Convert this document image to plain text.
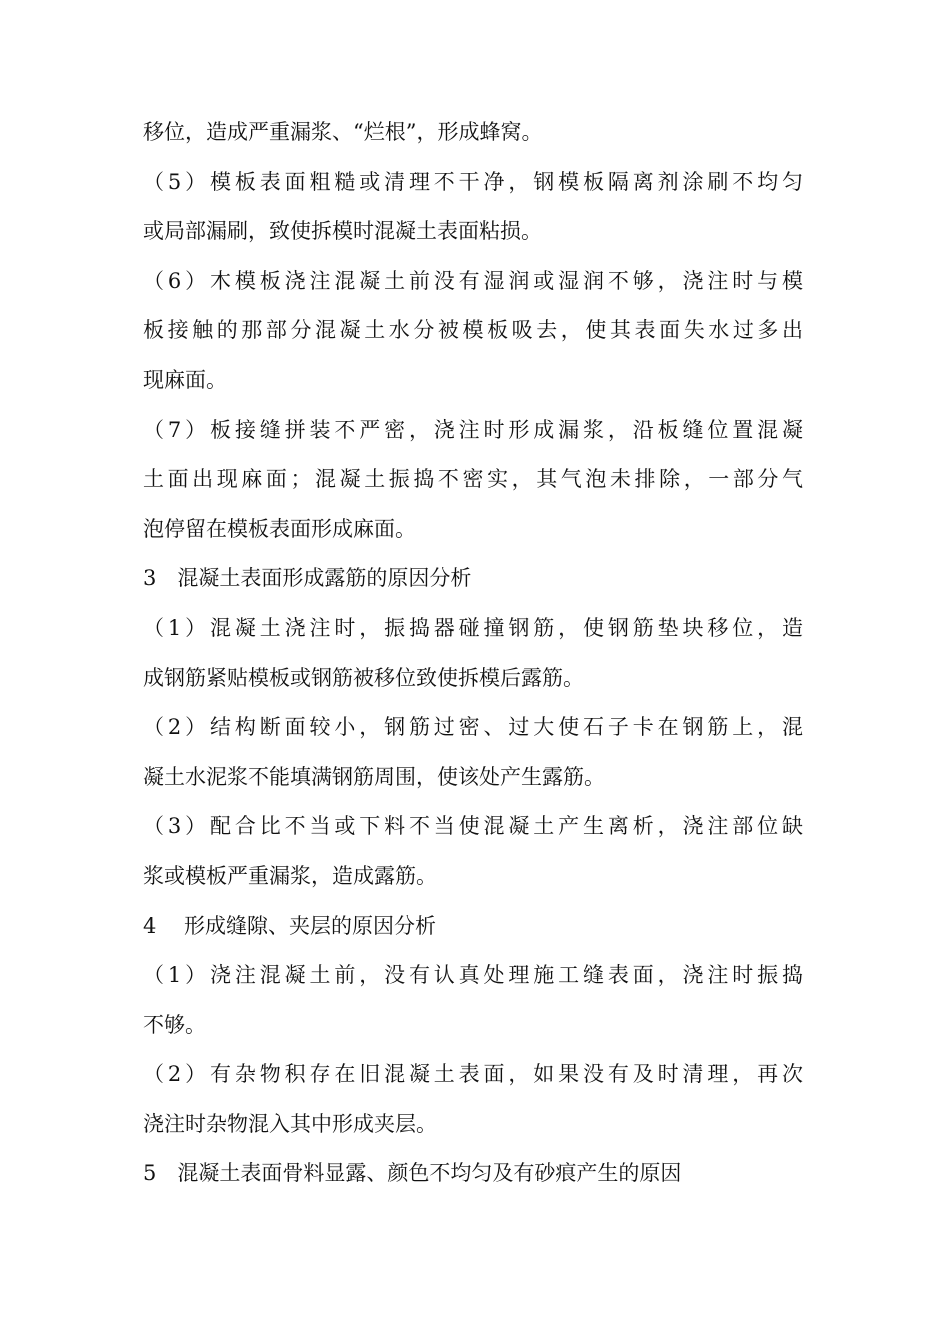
移位，造成严重漏浆、“烂根”，形成蜂窝。
（5）模板表面粗糙或清理不干净，钢模板隔离剂涂刷不均匀
或局部漏刷，致使拆模时混凝土表面粘损。
（6）木模板浇注混凝土前没有湿润或湿润不够，浇注时与模
板接触的那部分混凝土水分被模板吸去，使其表面失水过多出
现麻面。
（7）板接缝拼装不严密，浇注时形成漏浆，沿板缝位置混凝
土面出现麻面；混凝土振捣不密实，其气泡未排除，一部分气
泡停留在模板表面形成麻面。
3　混凝土表面形成露筋的原因分析
（1）混凝土浇注时，振捣器碰撞钢筋，使钢筋垫块移位，造
成钢筋紧贴模板或钢筋被移位致使拆模后露筋。
（2）结构断面较小，钢筋过密、过大使石子卡在钢筋上，混
凝土水泥浆不能填满钢筋周围，使该处产生露筋。
（3）配合比不当或下料不当使混凝土产生离析，浇注部位缺
浆或模板严重漏浆，造成露筋。
4　 形成缝隙、夹层的原因分析
（1）浇注混凝土前，没有认真处理施工缝表面，浇注时振捣
不够。
（2）有杂物积存在旧混凝土表面，如果没有及时清理，再次
浇注时杂物混入其中形成夹层。
5　混凝土表面骨料显露、颜色不均匀及有砂痕产生的原因
